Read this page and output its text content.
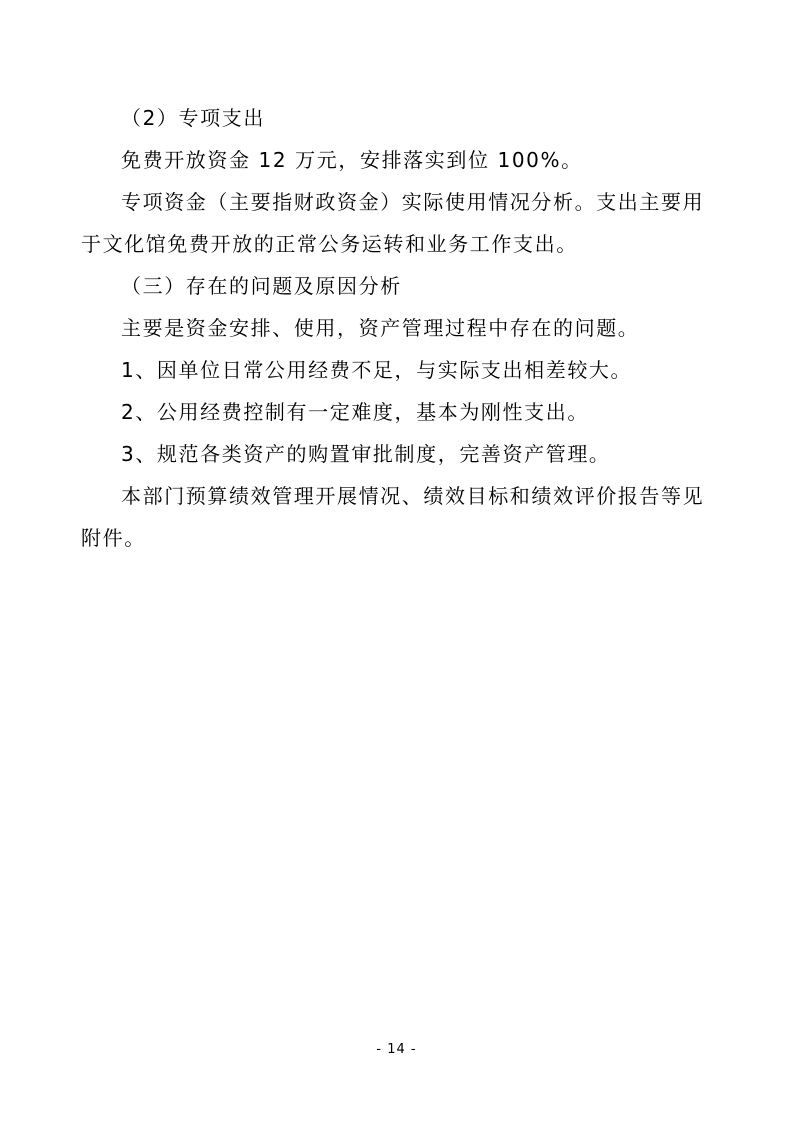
（2）专项支出

免费开放资金 12 万元，安排落实到位 100%。

专项资金（主要指财政资金）实际使用情况分析。支出主要用于文化馆免费开放的正常公务运转和业务工作支出。

（三）存在的问题及原因分析

主要是资金安排、使用，资产管理过程中存在的问题。

1、因单位日常公用经费不足，与实际支出相差较大。

2、公用经费控制有一定难度，基本为刚性支出。

3、规范各类资产的购置审批制度，完善资产管理。

本部门预算绩效管理开展情况、绩效目标和绩效评价报告等见附件。

- 14 -
